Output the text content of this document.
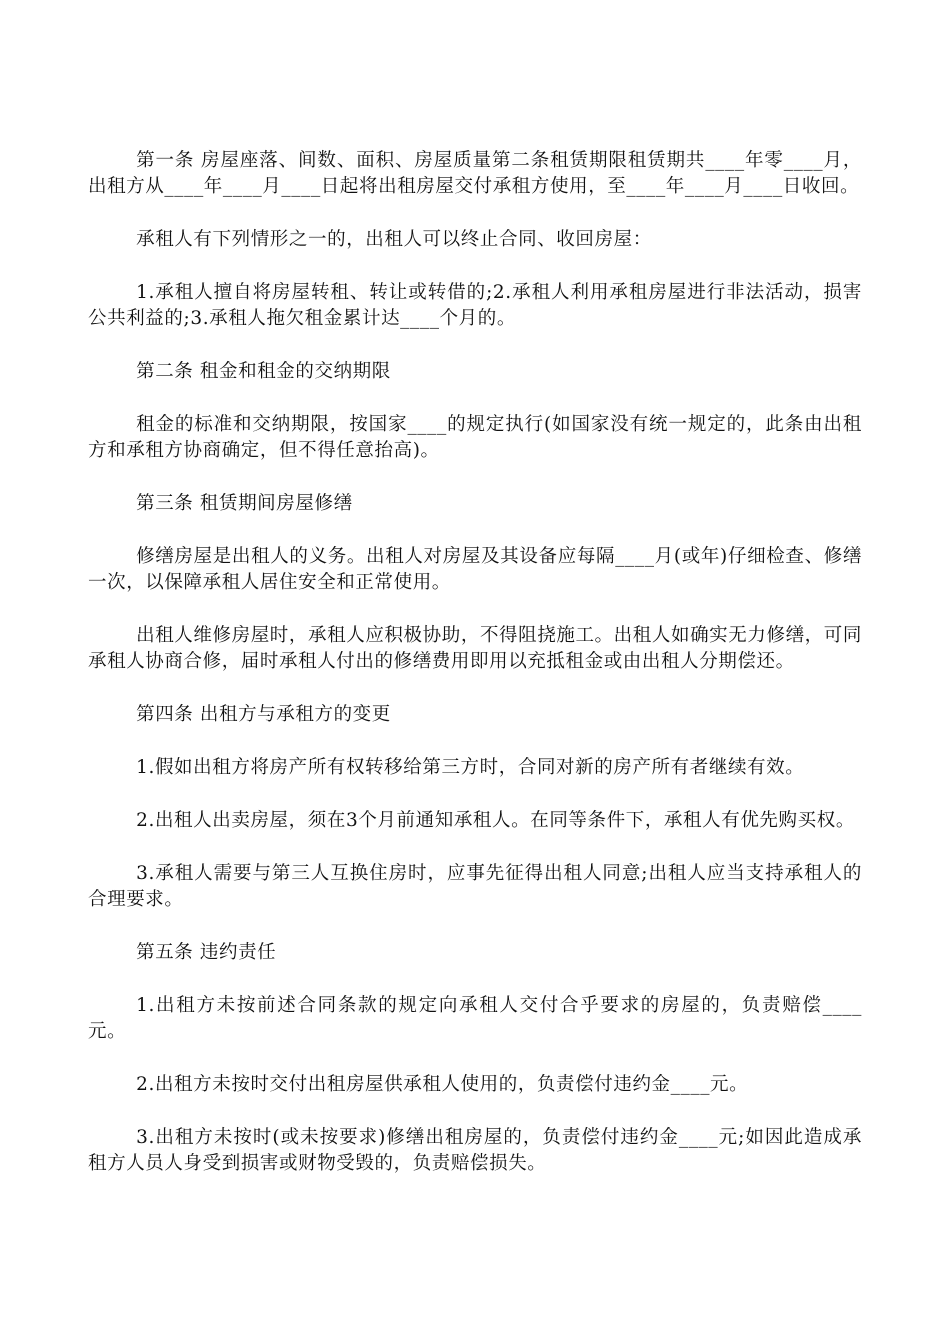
第一条 房屋座落、间数、面积、房屋质量第二条租赁期限租赁期共____年零____月，出租方从____年____月____日起将出租房屋交付承租方使用，至____年____月____日收回。

承租人有下列情形之一的，出租人可以终止合同、收回房屋：

1.承租人擅自将房屋转租、转让或转借的;2.承租人利用承租房屋进行非法活动，损害公共利益的;3.承租人拖欠租金累计达____个月的。

第二条 租金和租金的交纳期限

租金的标准和交纳期限，按国家____的规定执行(如国家没有统一规定的，此条由出租方和承租方协商确定，但不得任意抬高)。

第三条 租赁期间房屋修缮

修缮房屋是出租人的义务。出租人对房屋及其设备应每隔____月(或年)仔细检查、修缮一次，以保障承租人居住安全和正常使用。

出租人维修房屋时，承租人应积极协助，不得阻挠施工。出租人如确实无力修缮，可同承租人协商合修，届时承租人付出的修缮费用即用以充抵租金或由出租人分期偿还。

第四条 出租方与承租方的变更

1.假如出租方将房产所有权转移给第三方时，合同对新的房产所有者继续有效。

2.出租人出卖房屋，须在3个月前通知承租人。在同等条件下，承租人有优先购买权。

3.承租人需要与第三人互换住房时，应事先征得出租人同意;出租人应当支持承租人的合理要求。

第五条 违约责任

1.出租方未按前述合同条款的规定向承租人交付合乎要求的房屋的，负责赔偿____元。

2.出租方未按时交付出租房屋供承租人使用的，负责偿付违约金____元。

3.出租方未按时(或未按要求)修缮出租房屋的，负责偿付违约金____元;如因此造成承租方人员人身受到损害或财物受毁的，负责赔偿损失。
